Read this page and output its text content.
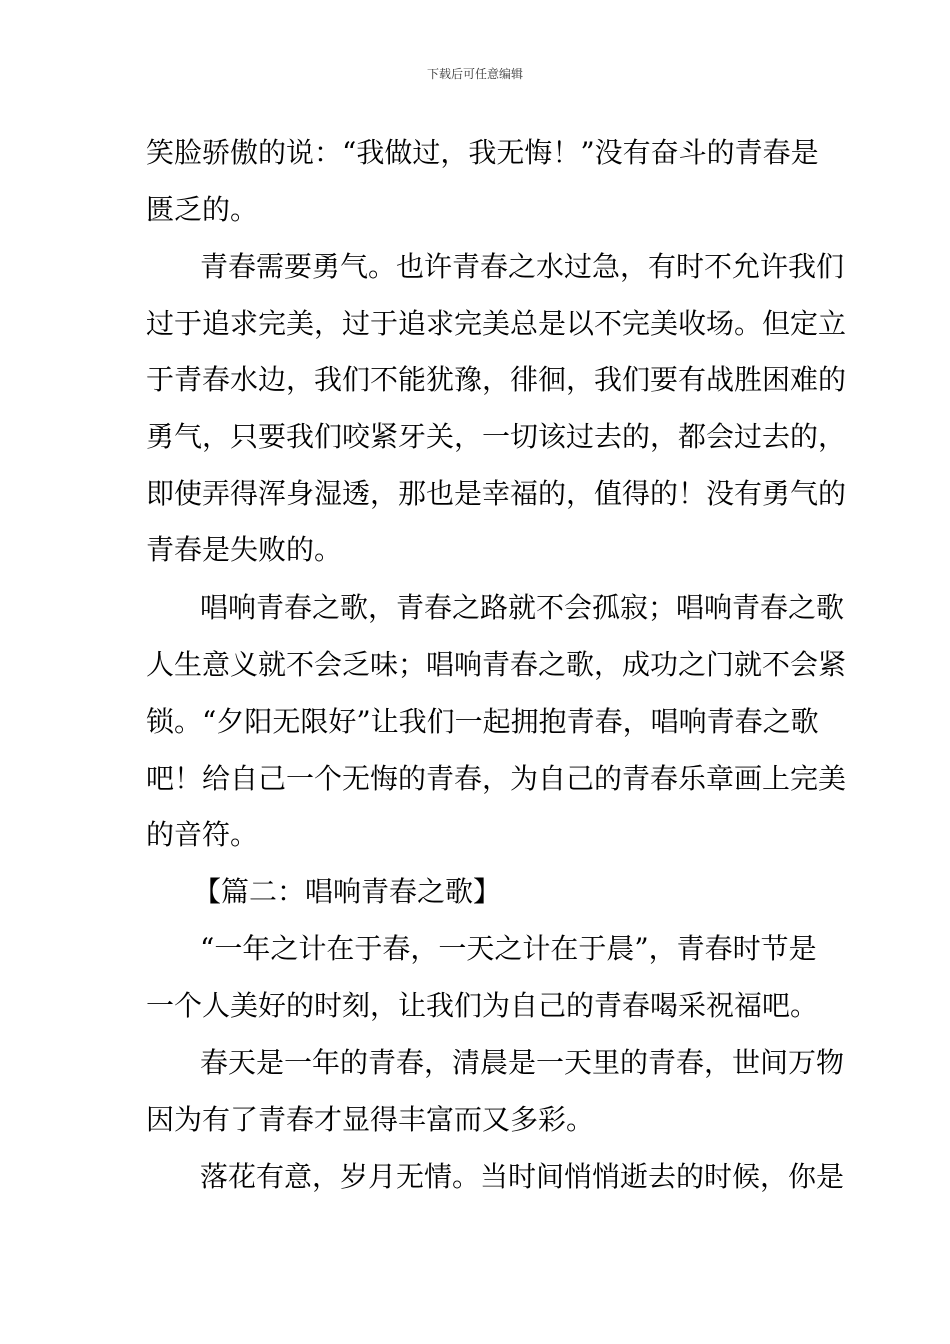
下载后可任意编辑
笑脸骄傲的说：“我做过，我无悔！”没有奋斗的青春是
匮乏的。
青春需要勇气。也许青春之水过急，有时不允许我们
过于追求完美，过于追求完美总是以不完美收场。但定立
于青春水边，我们不能犹豫，徘徊，我们要有战胜困难的
勇气，只要我们咬紧牙关，一切该过去的，都会过去的，
即使弄得浑身湿透，那也是幸福的，值得的！没有勇气的
青春是失败的。
唱响青春之歌，青春之路就不会孤寂；唱响青春之歌
人生意义就不会乏味；唱响青春之歌，成功之门就不会紧
锁。“夕阳无限好”让我们一起拥抱青春，唱响青春之歌
吧！给自己一个无悔的青春，为自己的青春乐章画上完美
的音符。
【篇二：唱响青春之歌】
“一年之计在于春，一天之计在于晨”，青春时节是
一个人美好的时刻，让我们为自己的青春喝采祝福吧。
春天是一年的青春，清晨是一天里的青春，世间万物
因为有了青春才显得丰富而又多彩。
落花有意，岁月无情。当时间悄悄逝去的时候，你是
